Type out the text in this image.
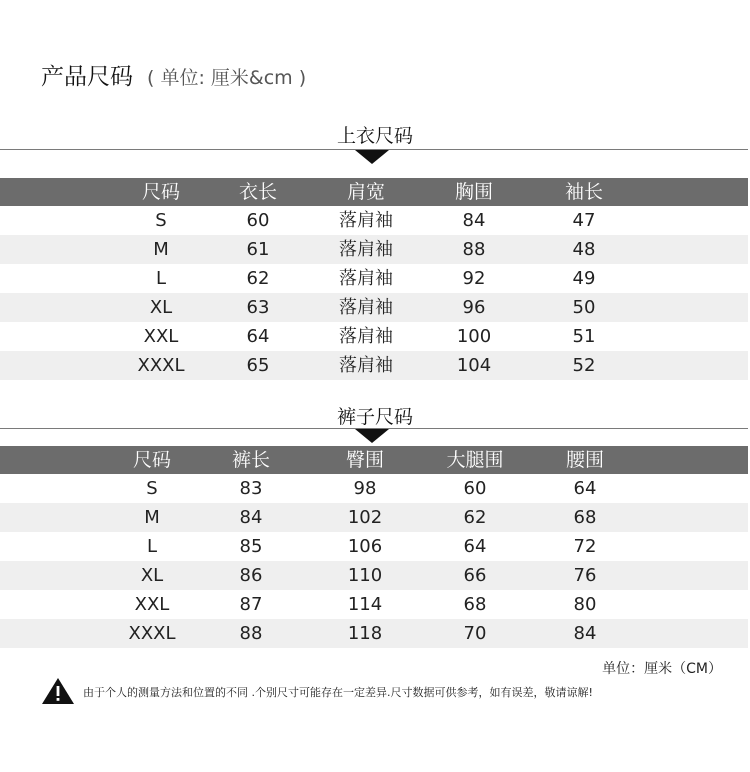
产品尺码 ( 单位: 厘米&cm )
上衣尺码
尺码	衣长	肩宽	胸围	袖长
S	60	落肩袖	84	47
M	61	落肩袖	88	48
L	62	落肩袖	92	49
XL	63	落肩袖	96	50
XXL	64	落肩袖	100	51
XXXL	65	落肩袖	104	52
裤子尺码
尺码	裤长	臀围	大腿围	腰围
S	83	98	60	64
M	84	102	62	68
L	85	106	64	72
XL	86	110	66	76
XXL	87	114	68	80
XXXL	88	118	70	84
单位：厘米（CM）
由于个人的测量方法和位置的不同 .个别尺寸可能存在一定差异.尺寸数据可供参考，如有误差，敬请谅解!
